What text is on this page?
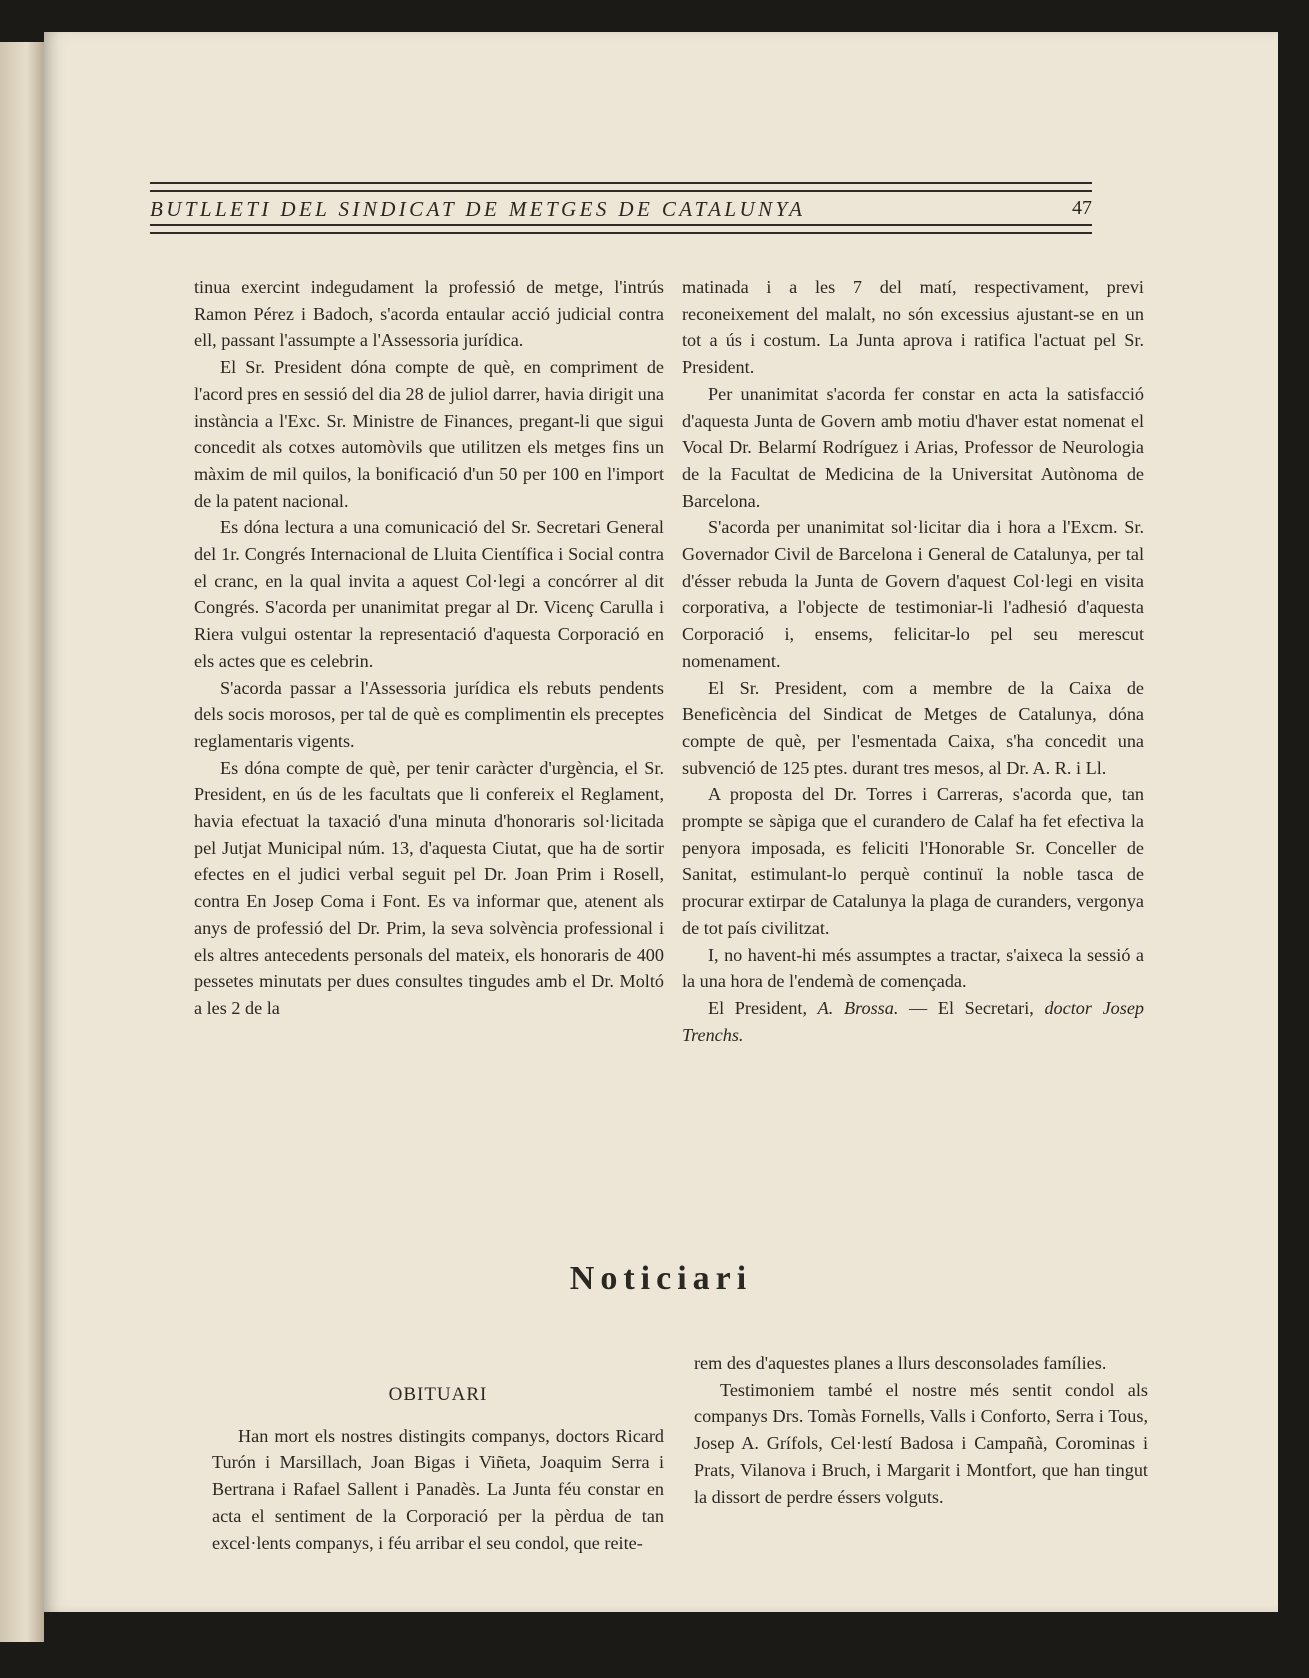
BUTLLETI DEL SINDICAT DE METGES DE CATALUNYA	47

tinua exercint indegudament la professió de metge, l'intrús Ramon Pérez i Badoch, s'acorda entaular acció judicial contra ell, passant l'assumpte a l'Assessoria jurídica.

El Sr. President dóna compte de què, en compriment de l'acord pres en sessió del dia 28 de juliol darrer, havia dirigit una instància a l'Exc. Sr. Ministre de Finances, pregant-li que sigui concedit als cotxes automòvils que utilitzen els metges fins un màxim de mil quilos, la bonificació d'un 50 per 100 en l'import de la patent nacional.

Es dóna lectura a una comunicació del Sr. Secretari General del 1r. Congrés Internacional de Lluita Científica i Social contra el cranc, en la qual invita a aquest Col·legi a concórrer al dit Congrés. S'acorda per unanimitat pregar al Dr. Vicenç Carulla i Riera vulgui ostentar la representació d'aquesta Corporació en els actes que es celebrin.

S'acorda passar a l'Assessoria jurídica els rebuts pendents dels socis morosos, per tal de què es complimentin els preceptes reglamentaris vigents.

Es dóna compte de què, per tenir caràcter d'urgència, el Sr. President, en ús de les facultats que li confereix el Reglament, havia efectuat la taxació d'una minuta d'honoraris sol·licitada pel Jutjat Municipal núm. 13, d'aquesta Ciutat, que ha de sortir efectes en el judici verbal seguit pel Dr. Joan Prim i Rosell, contra En Josep Coma i Font. Es va informar que, atenent als anys de professió del Dr. Prim, la seva solvència professional i els altres antecedents personals del mateix, els honoraris de 400 pessetes minutats per dues consultes tingudes amb el Dr. Moltó a les 2 de la

matinada i a les 7 del matí, respectivament, previ reconeixement del malalt, no són excessius ajustant-se en un tot a ús i costum. La Junta aprova i ratifica l'actuat pel Sr. President.

Per unanimitat s'acorda fer constar en acta la satisfacció d'aquesta Junta de Govern amb motiu d'haver estat nomenat el Vocal Dr. Belarmí Rodríguez i Arias, Professor de Neurologia de la Facultat de Medicina de la Universitat Autònoma de Barcelona.

S'acorda per unanimitat sol·licitar dia i hora a l'Excm. Sr. Governador Civil de Barcelona i General de Catalunya, per tal d'ésser rebuda la Junta de Govern d'aquest Col·legi en visita corporativa, a l'objecte de testimoniar-li l'adhesió d'aquesta Corporació i, ensems, felicitar-lo pel seu merescut nomenament.

El Sr. President, com a membre de la Caixa de Beneficència del Sindicat de Metges de Catalunya, dóna compte de què, per l'esmentada Caixa, s'ha concedit una subvenció de 125 ptes. durant tres mesos, al Dr. A. R. i Ll.

A proposta del Dr. Torres i Carreras, s'acorda que, tan prompte se sàpiga que el curandero de Calaf ha fet efectiva la penyora imposada, es feliciti l'Honorable Sr. Conceller de Sanitat, estimulant-lo perquè continuï la noble tasca de procurar extirpar de Catalunya la plaga de curanders, vergonya de tot país civilitzat.

I, no havent-hi més assumptes a tractar, s'aixeca la sessió a la una hora de l'endemà de començada.

El President, A. Brossa. — El Secretari, doctor Josep Trenchs.

Noticiari
OBITUARI

Han mort els nostres distingits companys, doctors Ricard Turón i Marsillach, Joan Bigas i Viñeta, Joaquim Serra i Bertrana i Rafael Sallent i Panadès. La Junta féu constar en acta el sentiment de la Corporació per la pèrdua de tan excel·lents companys, i féu arribar el seu condol, que reite-

rem des d'aquestes planes a llurs desconsolades famílies.

Testimoniem també el nostre més sentit condol als companys Drs. Tomàs Fornells, Valls i Conforto, Serra i Tous, Josep A. Grífols, Cel·lestí Badosa i Campañà, Corominas i Prats, Vilanova i Bruch, i Margarit i Montfort, que han tingut la dissort de perdre éssers volguts.
